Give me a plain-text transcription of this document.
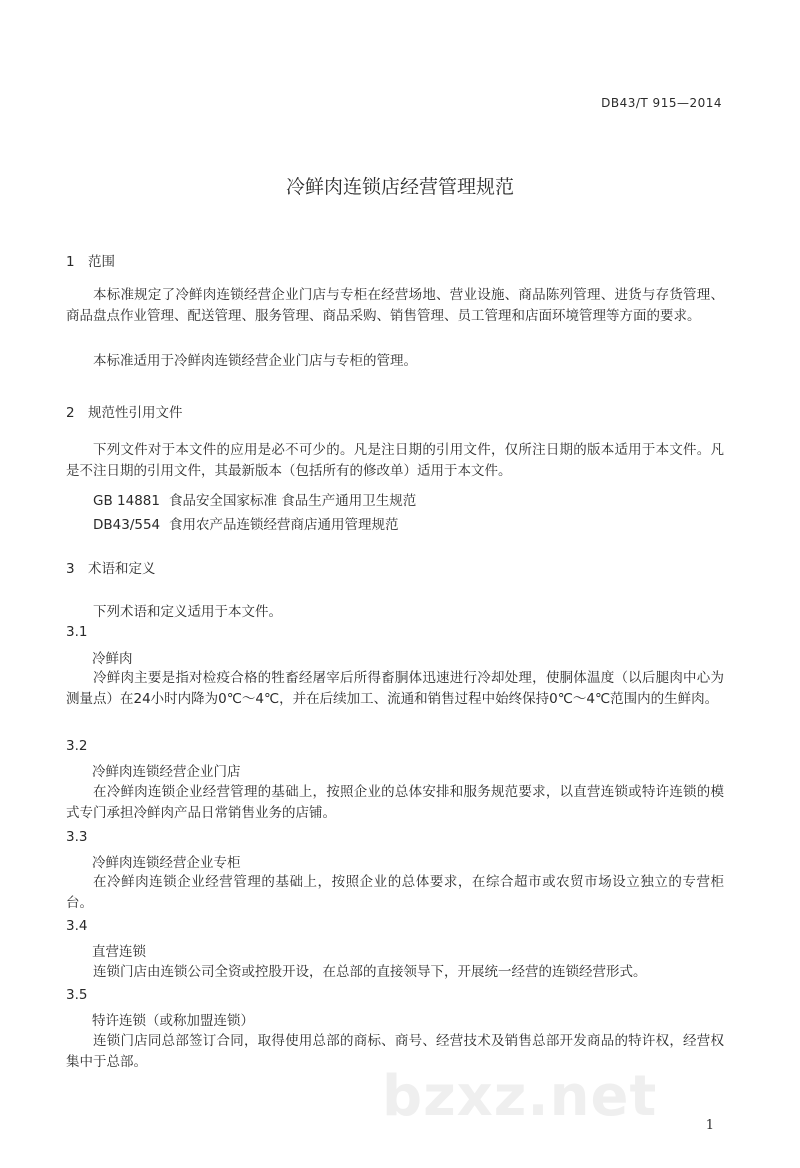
DB43/T 915—2014
冷鲜肉连锁店经营管理规范
1 范围
本标准规定了冷鲜肉连锁经营企业门店与专柜在经营场地、营业设施、商品陈列管理、进货与存货管理、商品盘点作业管理、配送管理、服务管理、商品采购、销售管理、员工管理和店面环境管理等方面的要求。
本标准适用于冷鲜肉连锁经营企业门店与专柜的管理。
2 规范性引用文件
下列文件对于本文件的应用是必不可少的。凡是注日期的引用文件，仅所注日期的版本适用于本文件。凡是不注日期的引用文件，其最新版本（包括所有的修改单）适用于本文件。
GB 14881 食品安全国家标准 食品生产通用卫生规范
DB43/554 食用农产品连锁经营商店通用管理规范
3 术语和定义
下列术语和定义适用于本文件。
3.1
冷鲜肉
冷鲜肉主要是指对检疫合格的牲畜经屠宰后所得畜胴体迅速进行冷却处理，使胴体温度（以后腿肉中心为测量点）在24小时内降为0℃～4℃，并在后续加工、流通和销售过程中始终保持0℃～4℃范围内的生鲜肉。
3.2
冷鲜肉连锁经营企业门店
在冷鲜肉连锁企业经营管理的基础上，按照企业的总体安排和服务规范要求，以直营连锁或特许连锁的模式专门承担冷鲜肉产品日常销售业务的店铺。
3.3
冷鲜肉连锁经营企业专柜
在冷鲜肉连锁企业经营管理的基础上，按照企业的总体要求，在综合超市或农贸市场设立独立的专营柜台。
3.4
直营连锁
连锁门店由连锁公司全资或控股开设，在总部的直接领导下，开展统一经营的连锁经营形式。
3.5
特许连锁（或称加盟连锁）
连锁门店同总部签订合同，取得使用总部的商标、商号、经营技术及销售总部开发商品的特许权，经营权集中于总部。
bzxz.net	1
